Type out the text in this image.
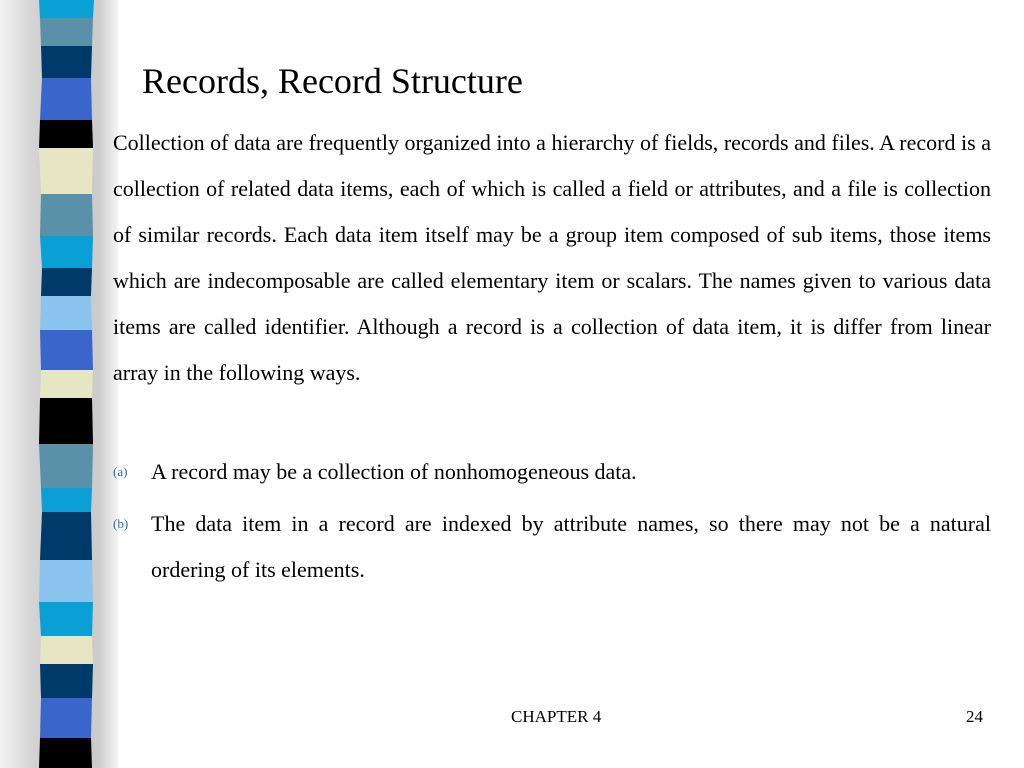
Records, Record Structure

Collection of data are frequently organized into a hierarchy of fields, records and files. A record is a collection of related data items, each of which is called a field or attributes, and a file is collection of similar records. Each data item itself may be a group item composed of sub items, those items which are indecomposable are called elementary item or scalars. The names given to various data items are called identifier. Although a record is a collection of data item, it is differ from linear array in the following ways.

(a) A record may be a collection of nonhomogeneous data.
(b) The data item in a record are indexed by attribute names, so there may not be a natural ordering of its elements.
CHAPTER 4	24
